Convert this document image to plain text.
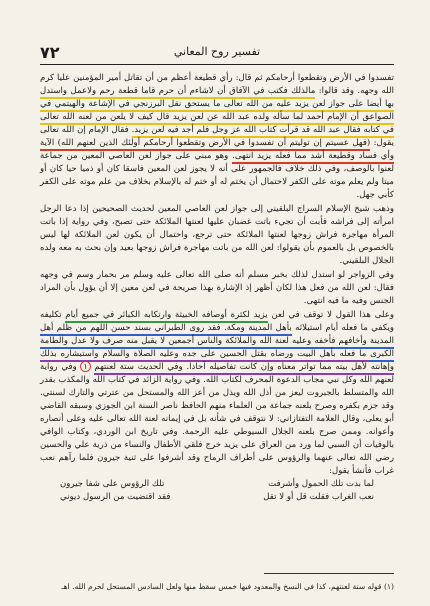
٧٢	تفسير روح المعاني

تفسدوا في الأرض وتقطعوا أرحامكم ثم قال: رأي قطيعة أعظم من أن تقاتل أمير المؤمنين عليا كرم الله وجهه. وقد قالوا: مالذلك فكتب في الآفاق أن لاشاءم أن حرم قاما قطعة رحم ولاعمل واستدل بها أيضا على جواز لعن يزيد عليه من الله تعالى ما يستحق نقل البرزنجي في الإشاعة والهيتمي في الصواعق أن الإمام أحمد لما سأله ولده عبد الله عن لعن يزيد قال كيف لا يلعن من لعنه الله تعالى في كتابه فقال عبد الله قد قرأت كتاب الله عز وجل فلم أجد فيه لعن يزيد. فقال الإمام إن الله تعالى يقول: (فهل عسيتم إن توليتم أن تفسدوا في الأرض وتقطعوا أرحامكم أولئك الذين لعنهم الله) الآية وأي فساد وقطيعة أشد مما فعله يزيد انتهى. وهو مبني على جواز لعن العاصي المعين من جماعة لعنوا بالوصف، وفي ذلك خلاف فالجمهور على أنه لا يجوز لعن المعين فاسقا كان أو ذميا حيا كان أو ميتا ولم يعلم موته على الكفر لاحتمال أن يختم له أو ختم له بالإسلام بخلاف من علم موته على الكفر كأبي جهل.

وذهب شيخ الإسلام السراج البلقيني إلى جواز لعن العاصي المعين لحديث الصحيحين إذا دعا الرجل امرأته إلى فراشه فأبت أن تجيء باتت غضبان عليها لعنتها الملائكة حتى تصبح، وفي رواية إذا باتت المرأة مهاجرة فراش زوجها لعنتها الملائكة حتى ترجع، واحتمال أن يكون لعن الملائكة لها ليس بالخصوص بل بالعموم بأن يقولوا: لعن الله من باتت مهاجرة فراش زوجها بعيد وإن بحث به معه ولده الجلال البلقيني.

وفي الزواجر لو استدل لذلك بخبر مسلم أنه صلى الله تعالى عليه وسلم مر بحمار وسم في وجهه فقال: لعن الله من فعل هذا لكان أظهر إذ الإشارة بهذا صريحة في لعن معين إلا أن يؤول بأن المراد الجنس وفيه ما فيه انتهى.

وعلى هذا القول لا توقف في لعن يزيد لكثرة أوصافه الخبيثة وارتكابه الكبائر في جميع أيام تكليفه ويكفي ما فعله أيام استيلائه بأهل المدينة ومكة. فقد روى الطبراني بسند حسن اللهم من ظلم أهل المدينة وأخافهم فأخفه وعليه لعنة الله والملائكة والناس أجمعين لا يقبل منه صرف ولا عدل والطامة الكبرى ما فعله بأهل البيت ورضاه بقتل الحسين على جده وعليه الصلاة والسلام واستبشاره بذلك وإهانته لأهل بيته مما تواتر معناه وإن كانت تفاصيله آحادا. وفي الحديث ستة لعنتهم ١ وفي رواية لعنهم الله وكل نبي مجاب الدعوة المحرف لكتاب الله. وفي رواية الزائد في كتاب الله والمكذب بقدر الله والمتسلط بالجبروت ليعز من أذل الله ويذل من أعز الله والمستحل من عترتي والتارك لسنتي. وقد جزم بكفره وصرح بلعنه جماعة من العلماء منهم الحافظ ناصر السنة ابن الجوزي وسبقه القاضي أبو يعلى، وقال العلامة التفتازاني: لا نتوقف في شأنه بل في إيمانه لعنة الله تعالى عليه وعلى أنصاره وأعوانه. وممن صرح بلعنه الجلال السيوطي عليه الرحمة. وفي تاريخ ابن الوردي، وكتاب الوافي بالوفيات أن السبي لما ورد من العراق على يزيد خرج فلقي الأطفال والنساء من ذرية علي والحسين رضي الله تعالى عنهما والرؤوس على أطراف الرماح وقد أشرفوا على ثنية جيرون فلما رآهم نعب غراب فأنشأ يقول:

لما بدت تلك الحمول وأشرفت
تلك الرؤوس على شفا جيرون
نعب الغراب فقلت قل أو لا تقل
فقد اقتضيت من الرسول ديوني
(١) قوله ستة لعنتهم، كذا في النسخ والمعدود فيها خمس سقط منها ولعل السادس المستحل لحرم الله. اهـ
